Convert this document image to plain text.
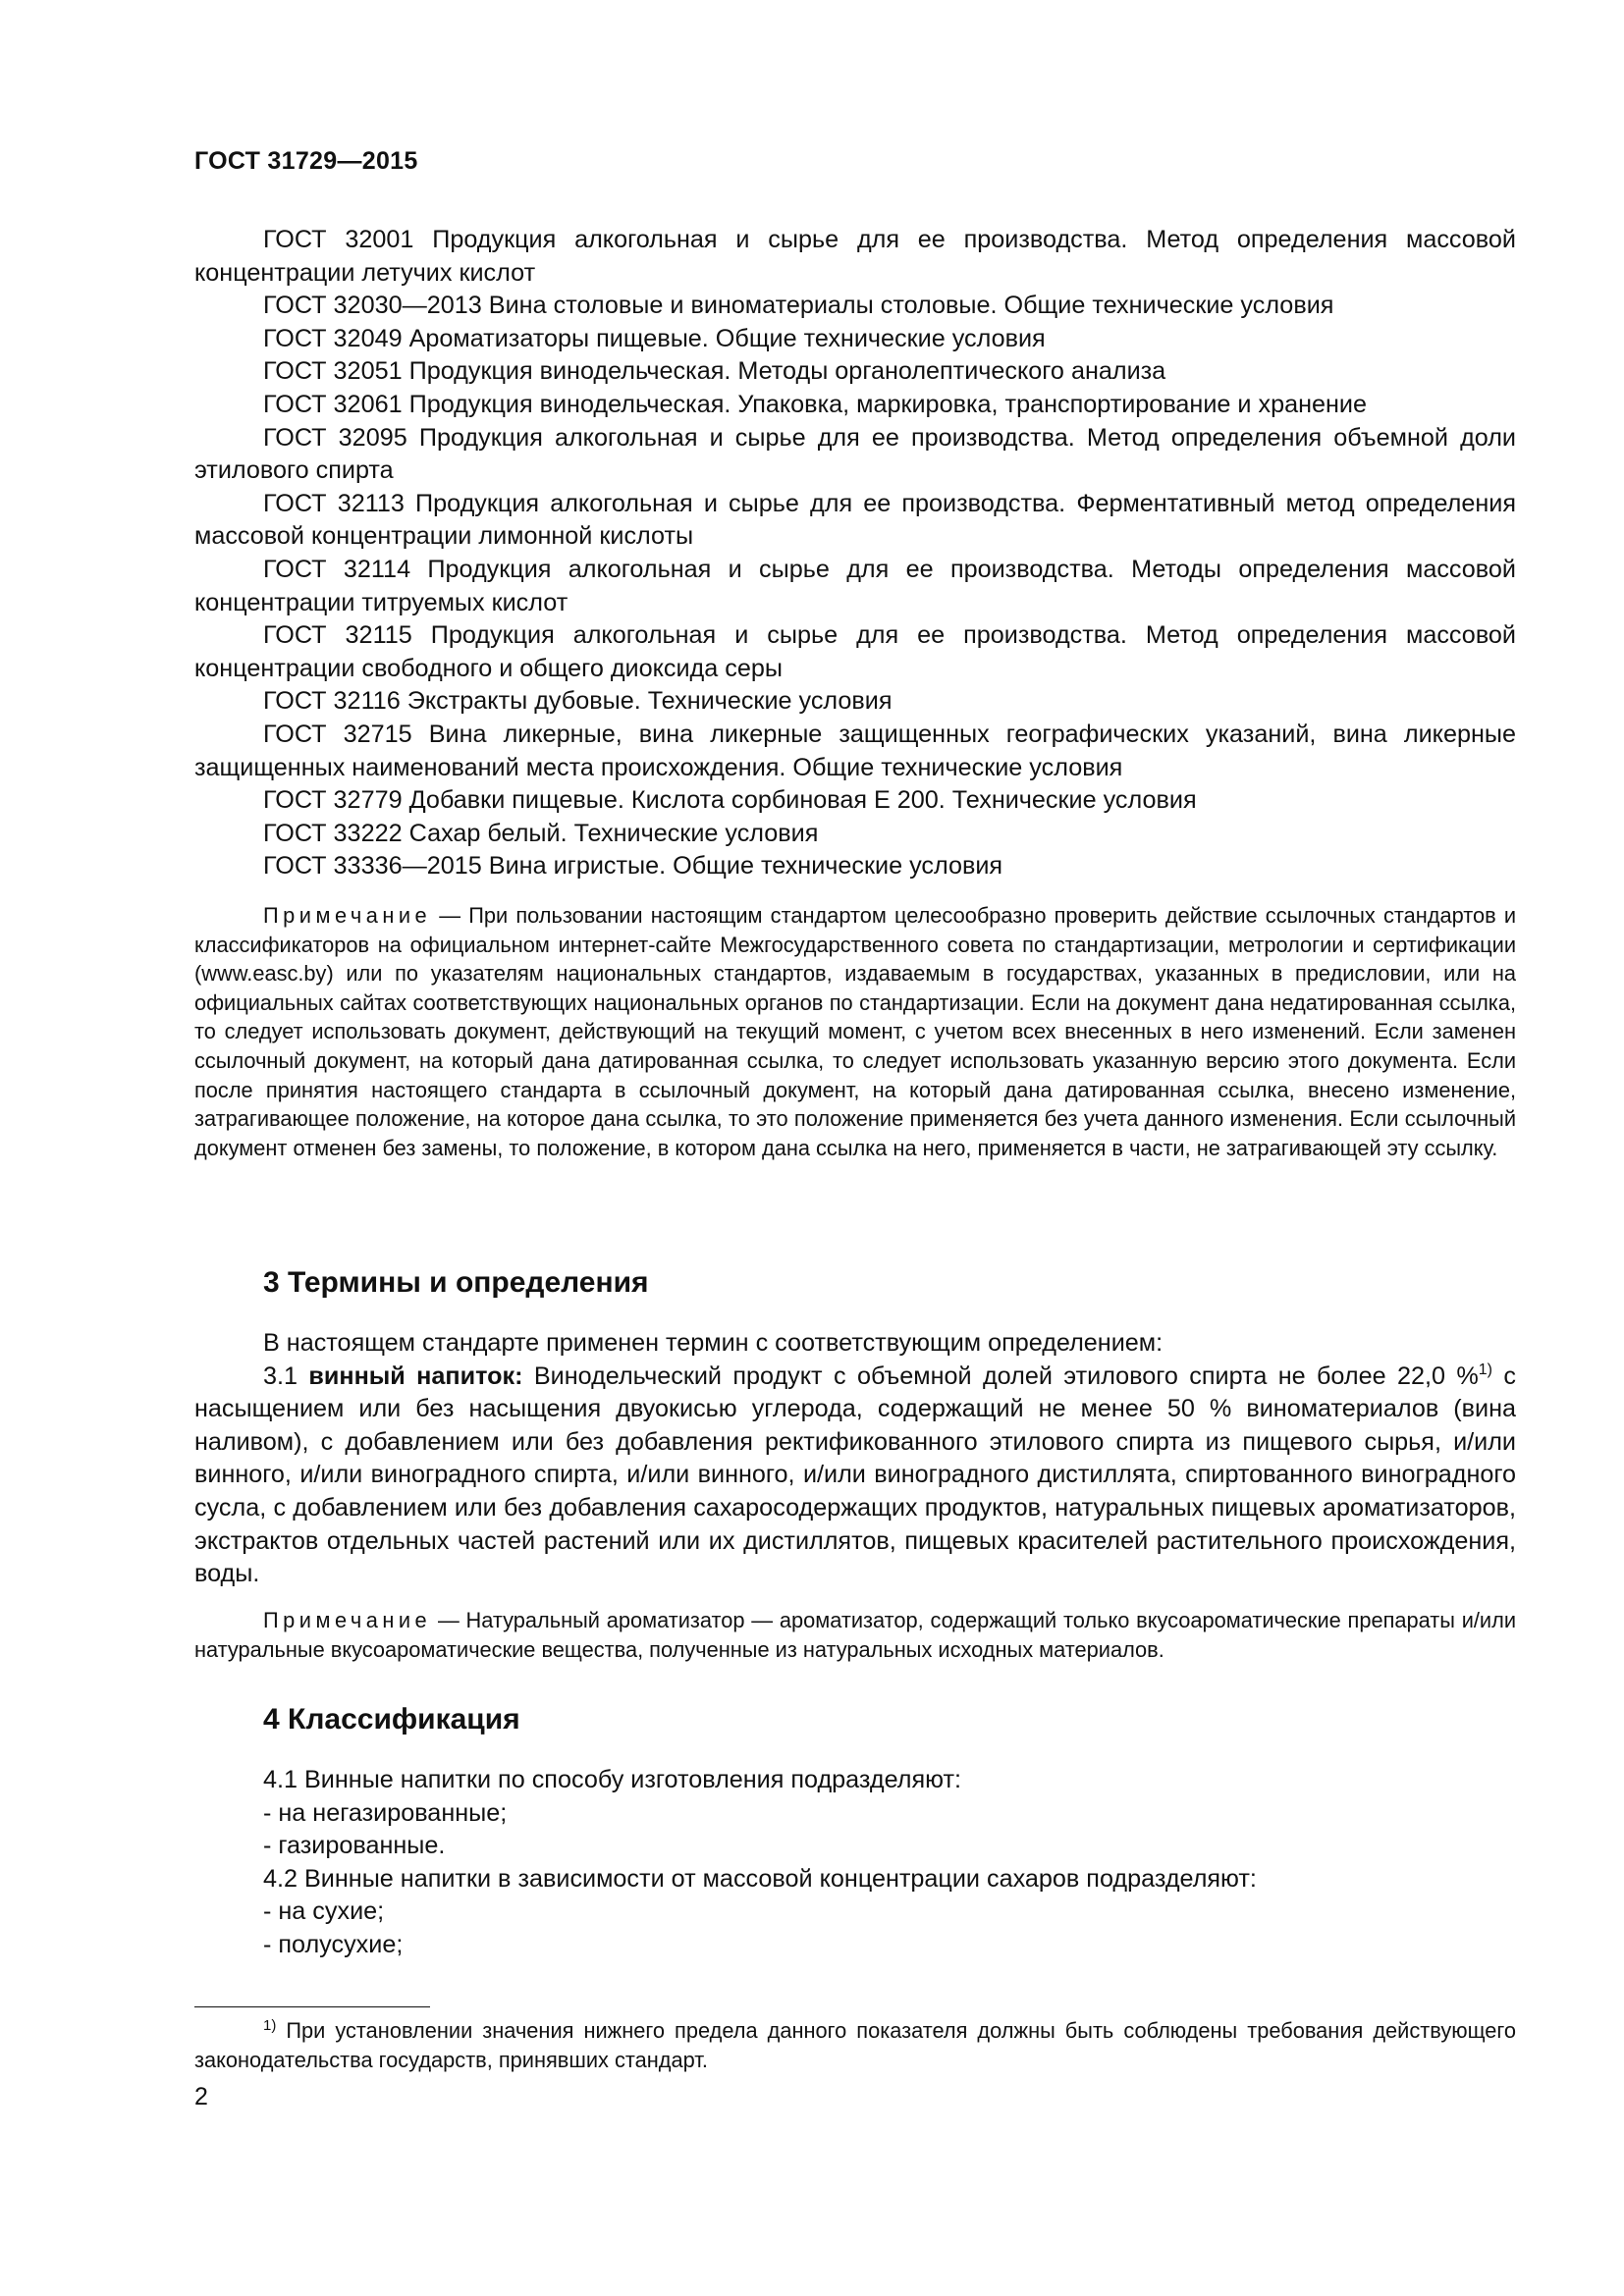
ГОСТ 31729—2015

ГОСТ 32001 Продукция алкогольная и сырье для ее производства. Метод определения массовой концентрации летучих кислот

ГОСТ 32030—2013 Вина столовые и виноматериалы столовые. Общие технические условия

ГОСТ 32049 Ароматизаторы пищевые. Общие технические условия

ГОСТ 32051 Продукция винодельческая. Методы органолептического анализа

ГОСТ 32061 Продукция винодельческая. Упаковка, маркировка, транспортирование и хранение

ГОСТ 32095 Продукция алкогольная и сырье для ее производства. Метод определения объемной доли этилового спирта

ГОСТ 32113 Продукция алкогольная и сырье для ее производства. Ферментативный метод определения массовой концентрации лимонной кислоты

ГОСТ 32114 Продукция алкогольная и сырье для ее производства. Методы определения массовой концентрации титруемых кислот

ГОСТ 32115 Продукция алкогольная и сырье для ее производства. Метод определения массовой концентрации свободного и общего диоксида серы

ГОСТ 32116 Экстракты дубовые. Технические условия

ГОСТ 32715 Вина ликерные, вина ликерные защищенных географических указаний, вина ликерные защищенных наименований места происхождения. Общие технические условия

ГОСТ 32779 Добавки пищевые. Кислота сорбиновая Е 200. Технические условия

ГОСТ 33222 Сахар белый. Технические условия

ГОСТ 33336—2015 Вина игристые. Общие технические условия

Примечание — При пользовании настоящим стандартом целесообразно проверить действие ссылочных стандартов и классификаторов на официальном интернет-сайте Межгосударственного совета по стандартизации, метрологии и сертификации (www.easc.by) или по указателям национальных стандартов, издаваемым в государствах, указанных в предисловии, или на официальных сайтах соответствующих национальных органов по стандартизации. Если на документ дана недатированная ссылка, то следует использовать документ, действующий на текущий момент, с учетом всех внесенных в него изменений. Если заменен ссылочный документ, на который дана датированная ссылка, то следует использовать указанную версию этого документа. Если после принятия настоящего стандарта в ссылочный документ, на который дана датированная ссылка, внесено изменение, затрагивающее положение, на которое дана ссылка, то это положение применяется без учета данного изменения. Если ссылочный документ отменен без замены, то положение, в котором дана ссылка на него, применяется в части, не затрагивающей эту ссылку.

3 Термины и определения

В настоящем стандарте применен термин с соответствующим определением:

3.1 винный напиток: Винодельческий продукт с объемной долей этилового спирта не более 22,0 %$^{1)}$ с насыщением или без насыщения двуокисью углерода, содержащий не менее 50 % виноматериалов (вина наливом), с добавлением или без добавления ректификованного этилового спирта из пищевого сырья, и/или винного, и/или виноградного спирта, и/или винного, и/или виноградного дистиллята, спиртованного виноградного сусла, с добавлением или без добавления сахаросодержащих продуктов, натуральных пищевых ароматизаторов, экстрактов отдельных частей растений или их дистиллятов, пищевых красителей растительного происхождения, воды.

Примечание — Натуральный ароматизатор — ароматизатор, содержащий только вкусоароматические препараты и/или натуральные вкусоароматические вещества, полученные из натуральных исходных материалов.

4 Классификация

4.1 Винные напитки по способу изготовления подразделяют:

- на негазированные;

- газированные.

4.2 Винные напитки в зависимости от массовой концентрации сахаров подразделяют:

- на сухие;

- полусухие;

$^{1)}$ При установлении значения нижнего предела данного показателя должны быть соблюдены требования действующего законодательства государств, принявших стандарт.

2
